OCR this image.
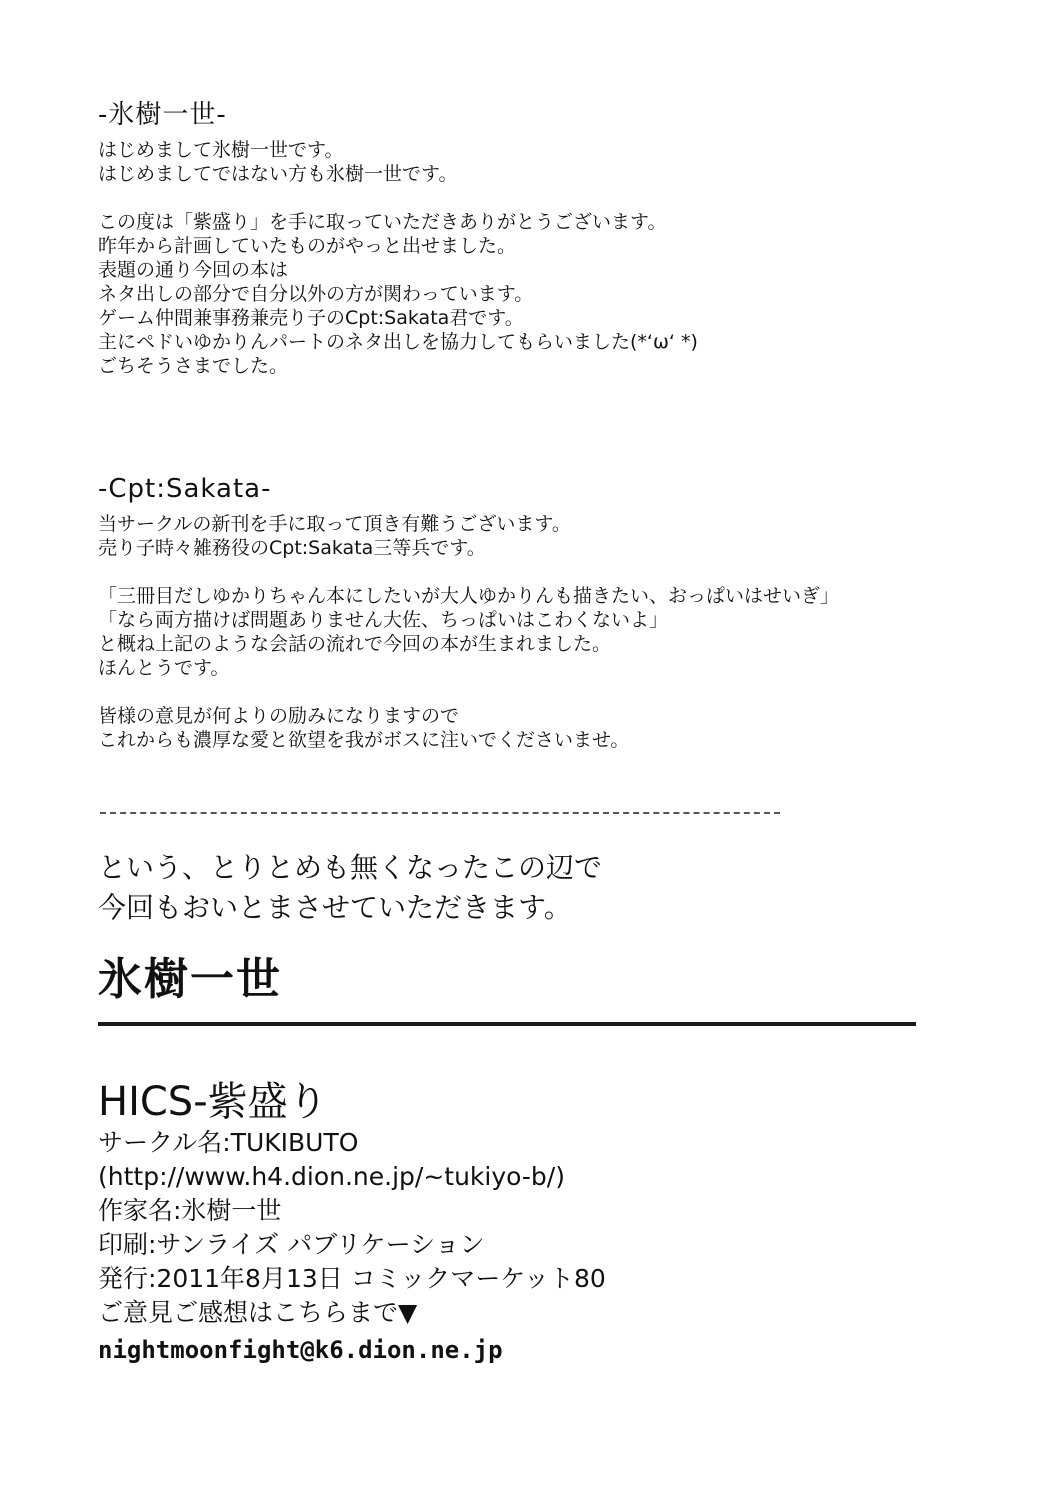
-氷樹一世-
はじめまして氷樹一世です。
はじめましてではない方も氷樹一世です。
この度は「紫盛り」を手に取っていただきありがとうございます。
昨年から計画していたものがやっと出せました。
表題の通り今回の本は
ネタ出しの部分で自分以外の方が関わっています。
ゲーム仲間兼事務兼売り子のCpt:Sakata君です。
主にペドいゆかりんパートのネタ出しを協力してもらいました(*‘ω‘ *)
ごちそうさまでした。
-Cpt:Sakata-
当サークルの新刊を手に取って頂き有難うございます。
売り子時々雑務役のCpt:Sakata三等兵です。
「三冊目だしゆかりちゃん本にしたいが大人ゆかりんも描きたい、おっぱいはせいぎ」
「なら両方描けば問題ありません大佐、ちっぱいはこわくないよ」
と概ね上記のような会話の流れで今回の本が生まれました。
ほんとうです。
皆様の意見が何よりの励みになりますので
これからも濃厚な愛と欲望を我がボスに注いでくださいませ。
という、とりとめも無くなったこの辺で
今回もおいとまさせていただきます。
氷樹一世
HICS-紫盛り
サークル名:TUKIBUTO
(http://www.h4.dion.ne.jp/~tukiyo-b/)
作家名:氷樹一世
印刷:サンライズ パブリケーション
発行:2011年8月13日 コミックマーケット80
ご意見ご感想はこちらまで▼
nightmoonfight@k6.dion.ne.jp
